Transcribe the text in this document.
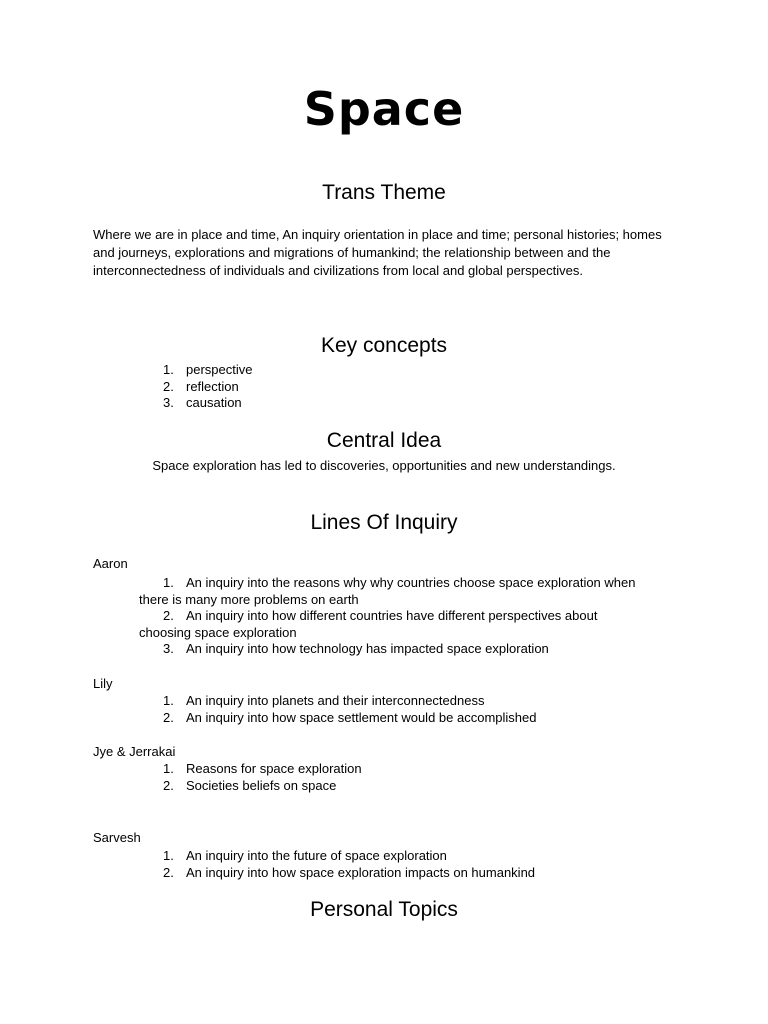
Space
Trans Theme

Where we are in place and time, An inquiry orientation in place and time; personal histories; homes and journeys, explorations and migrations of humankind; the relationship between and the interconnectedness of individuals and civilizations from local and global perspectives.

Key concepts
1. perspective
2. reflection
3. causation
Central Idea

Space exploration has led to discoveries, opportunities and new understandings.

Lines Of Inquiry

Aaron

1. An inquiry into the reasons why why countries choose space exploration when there is many more problems on earth
2. An inquiry into how different countries have different perspectives about choosing space exploration
3. An inquiry into how technology has impacted space exploration

Lily

1. An inquiry into planets and their interconnectedness
2. An inquiry into how space settlement would be accomplished

Jye & Jerrakai

1. Reasons for space exploration
2. Societies beliefs on space

Sarvesh

1. An inquiry into the future of space exploration
2. An inquiry into how space exploration impacts on humankind
Personal Topics
